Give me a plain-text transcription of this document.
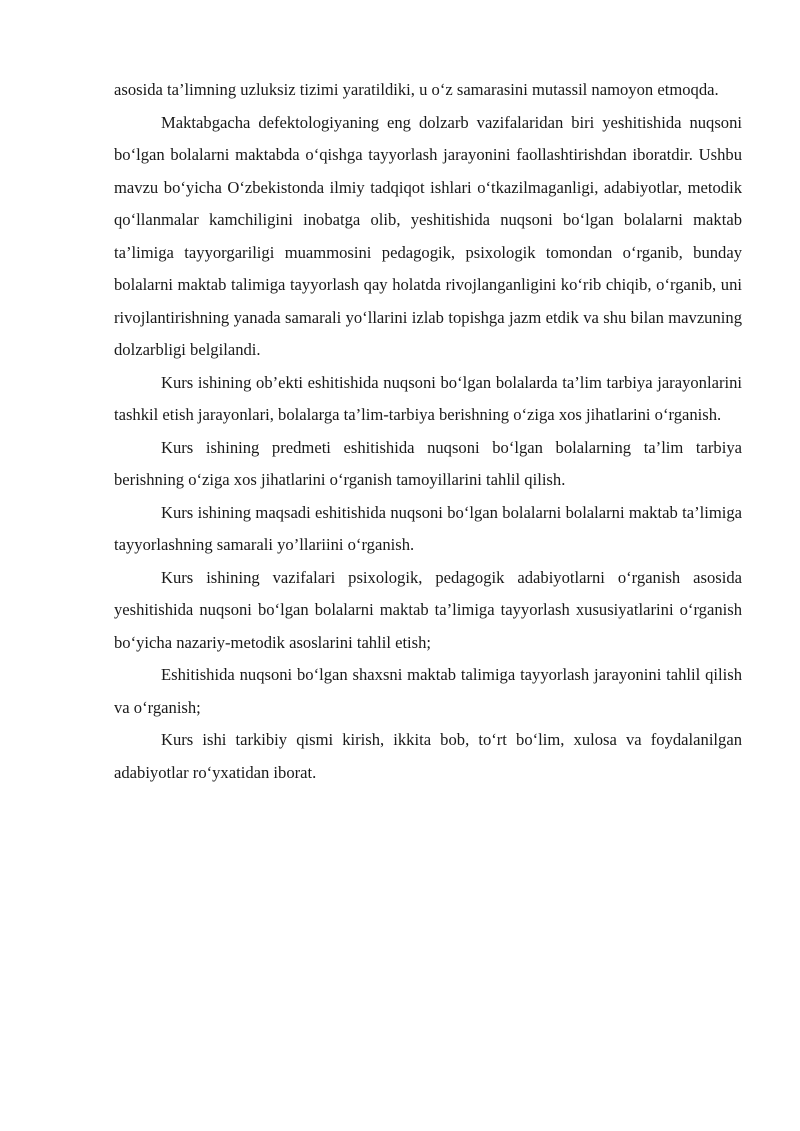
asosida ta’limning uzluksiz tizimi yaratildiki, u o‘z samarasini mutassil namoyon etmoqda.

Maktabgacha defektologiyaning eng dolzarb vazifalaridan biri yeshitishida nuqsoni bo‘lgan bolalarni maktabda o‘qishga tayyorlash jarayonini faollashtirishdan iboratdir. Ushbu mavzu bo‘yicha O‘zbekistonda ilmiy tadqiqot ishlari o‘tkazilmaganligi, adabiyotlar, metodik qo‘llanmalar kamchiligini inobatga olib, yeshitishida nuqsoni bo‘lgan bolalarni maktab ta’limiga tayyorgariligi muammosini pedagogik, psixologik tomondan o‘rganib, bunday bolalarni maktab talimiga tayyorlash qay holatda rivojlanganligini ko‘rib chiqib, o‘rganib, uni rivojlantirishning yanada samarali yo‘llarini izlab topishga jazm etdik va shu bilan mavzuning dolzarbligi belgilandi.

Kurs ishining ob’ekti eshitishida nuqsoni bo‘lgan bolalarda ta’lim tarbiya jarayonlarini tashkil etish jarayonlari, bolalarga ta’lim-tarbiya berishning o‘ziga xos jihatlarini o‘rganish.

Kurs ishining predmeti eshitishida nuqsoni bo‘lgan bolalarning ta’lim tarbiya berishning o‘ziga xos jihatlarini o‘rganish tamoyillarini tahlil qilish.

Kurs ishining maqsadi eshitishida nuqsoni bo‘lgan bolalarni bolalarni maktab ta’limiga tayyorlashning samarali yo’llariini o‘rganish.

Kurs ishining vazifalari psixologik, pedagogik adabiyotlarni o‘rganish asosida yeshitishida nuqsoni bo‘lgan bolalarni maktab ta’limiga tayyorlash xususiyatlarini o‘rganish bo‘yicha nazariy-metodik asoslarini tahlil etish;

Eshitishida nuqsoni bo‘lgan shaxsni maktab talimiga tayyorlash jarayonini tahlil qilish va o‘rganish;

Kurs ishi tarkibiy qismi kirish, ikkita bob, to‘rt bo‘lim, xulosa va foydalanilgan adabiyotlar ro‘yxatidan iborat.
